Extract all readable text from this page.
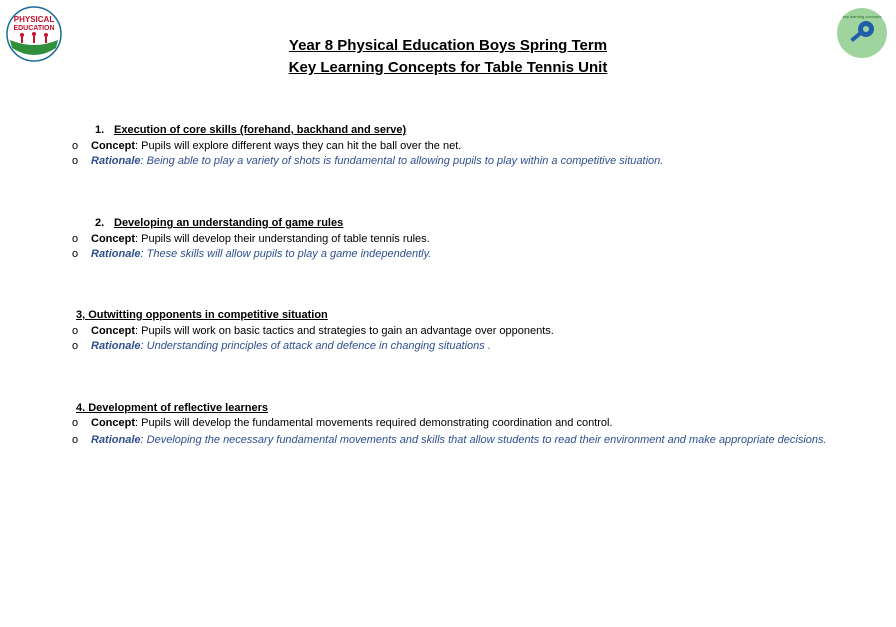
PHYSICAL
EDUCATION
key learning concepts
Year 8 Physical Education Boys Spring Term
Key Learning Concepts for Table Tennis Unit
1. Execution of core skills (forehand, backhand and serve)
o Concept: Pupils will explore different ways they can hit the ball over the net.
o Rationale: Being able to play a variety of shots is fundamental to allowing pupils to play within a competitive situation.
2. Developing an understanding of game rules
o Concept: Pupils will develop their understanding of table tennis rules.
o Rationale: These skills will allow pupils to play a game independently.
3, Outwitting opponents in competitive situation
o Concept: Pupils will work on basic tactics and strategies to gain an advantage over opponents.
o Rationale: Understanding principles of attack and defence in changing situations .
4. Development of reflective learners
o Concept: Pupils will develop the fundamental movements required demonstrating coordination and control.
o	Rationale: Developing the necessary fundamental movements and skills that allow students to read their environment and make appropriate decisions.
